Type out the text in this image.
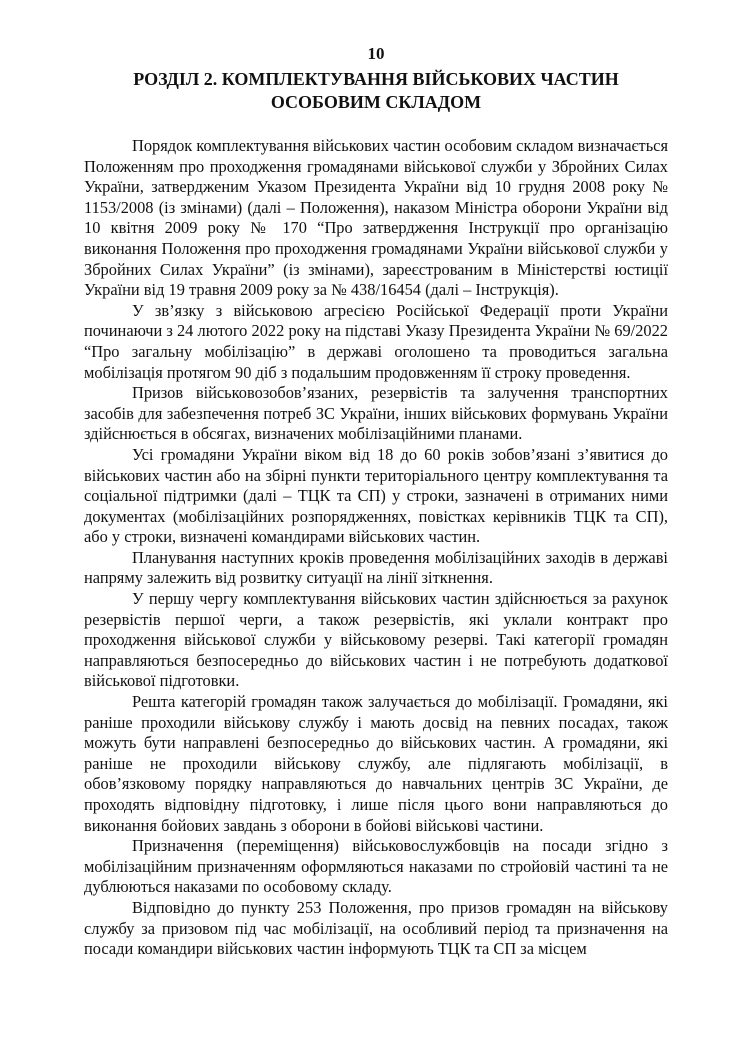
10
РОЗДІЛ 2. КОМПЛЕКТУВАННЯ ВІЙСЬКОВИХ ЧАСТИН
ОСОБОВИМ СКЛАДОМ

Порядок комплектування військових частин особовим складом визначається Положенням про проходження громадянами військової служби у Збройних Силах України, затвердженим Указом Президента України від 10 грудня 2008 року № 1153/2008 (із змінами) (далі – Положення), наказом Міністра оборони України від 10 квітня 2009 року № 170 “Про затвердження Інструкції про організацію виконання Положення про проходження громадянами України військової служби у Збройних Силах України” (із змінами), зареєстрованим в Міністерстві юстиції України від 19 травня 2009 року за № 438/16454 (далі – Інструкція).

У зв’язку з військовою агресією Російської Федерації проти України починаючи з 24 лютого 2022 року на підставі Указу Президента України № 69/2022 “Про загальну мобілізацію” в державі оголошено та проводиться загальна мобілізація протягом 90 діб з подальшим продовженням її строку проведення.

Призов військовозобов’язаних, резервістів та залучення транспортних засобів для забезпечення потреб ЗС України, інших військових формувань України здійснюється в обсягах, визначених мобілізаційними планами.

Усі громадяни України віком від 18 до 60 років зобов’язані з’явитися до військових частин або на збірні пункти територіального центру комплектування та соціальної підтримки (далі – ТЦК та СП) у строки, зазначені в отриманих ними документах (мобілізаційних розпорядженнях, повістках керівників ТЦК та СП), або у строки, визначені командирами військових частин.

Планування наступних кроків проведення мобілізаційних заходів в державі напряму залежить від розвитку ситуації на лінії зіткнення.

У першу чергу комплектування військових частин здійснюється за рахунок резервістів першої черги, а також резервістів, які уклали контракт про проходження військової служби у військовому резерві. Такі категорії громадян направляються безпосередньо до військових частин і не потребують додаткової військової підготовки.

Решта категорій громадян також залучається до мобілізації. Громадяни, які раніше проходили військову службу і мають досвід на певних посадах, також можуть бути направлені безпосередньо до військових частин. А громадяни, які раніше не проходили військову службу, але підлягають мобілізації, в обов’язковому порядку направляються до навчальних центрів ЗС України, де проходять відповідну підготовку, і лише після цього вони направляються до виконання бойових завдань з оборони в бойові військові частини.

Призначення (переміщення) військовослужбовців на посади згідно з мобілізаційним призначенням оформляються наказами по стройовій частині та не дублюються наказами по особовому складу.

Відповідно до пункту 253 Положення, про призов громадян на військову службу за призовом під час мобілізації, на особливий період та призначення на посади командири військових частин інформують ТЦК та СП за місцем
